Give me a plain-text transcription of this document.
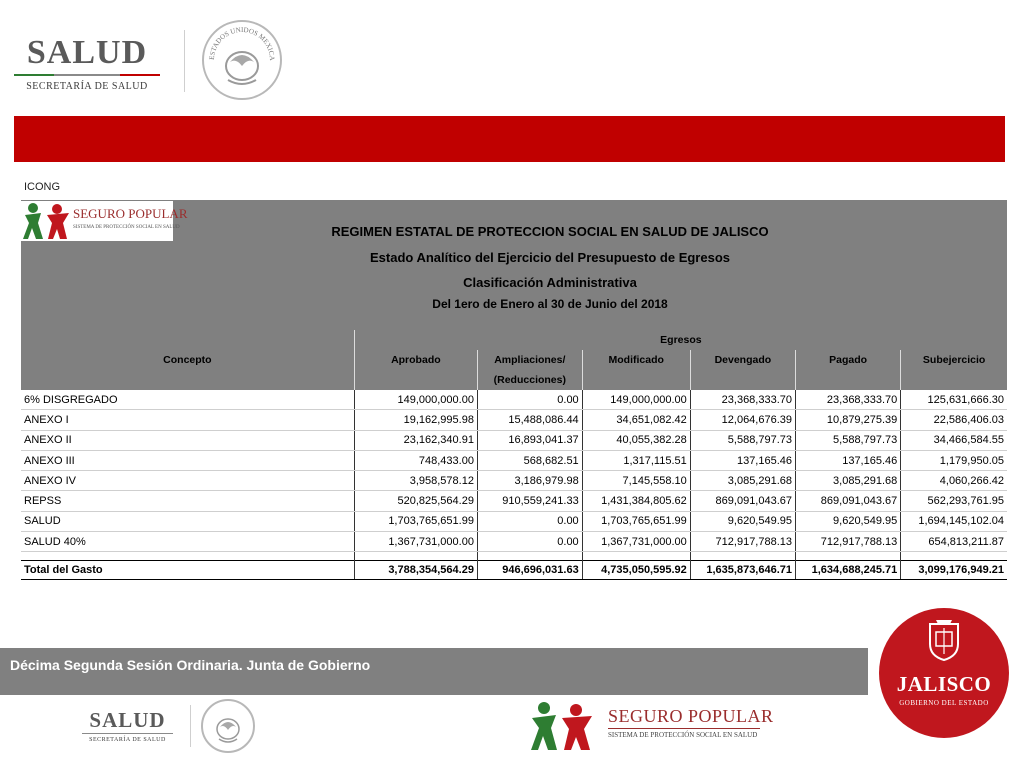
SALUD
SECRETARÍA DE SALUD
ESTADOS UNIDOS MEXICA
ICONG
SEGURO POPULAR
SISTEMA DE PROTECCIÓN SOCIAL EN SALUD	REGIMEN ESTATAL DE PROTECCION SOCIAL EN SALUD DE JALISCO
Estado Analítico del Ejercicio del Presupuesto de Egresos
Clasificación Administrativa
Del 1ero de Enero al 30 de Junio del 2018
	Egresos					
Concepto	Aprobado	Ampliaciones/	Modificado	Devengado	Pagado	Subejercicio
		(Reducciones)				
6% DISGREGADO	149,000,000.00	0.00	149,000,000.00	23,368,333.70	23,368,333.70	125,631,666.30
ANEXO I	19,162,995.98	15,488,086.44	34,651,082.42	12,064,676.39	10,879,275.39	22,586,406.03
ANEXO II	23,162,340.91	16,893,041.37	40,055,382.28	5,588,797.73	5,588,797.73	34,466,584.55
ANEXO III	748,433.00	568,682.51	1,317,115.51	137,165.46	137,165.46	1,179,950.05
ANEXO IV	3,958,578.12	3,186,979.98	7,145,558.10	3,085,291.68	3,085,291.68	4,060,266.42
REPSS	520,825,564.29	910,559,241.33	1,431,384,805.62	869,091,043.67	869,091,043.67	562,293,761.95
SALUD	1,703,765,651.99	0.00	1,703,765,651.99	9,620,549.95	9,620,549.95	1,694,145,102.04
SALUD 40%	1,367,731,000.00	0.00	1,367,731,000.00	712,917,788.13	712,917,788.13	654,813,211.87

Total del Gasto	3,788,354,564.29	946,696,031.63	4,735,050,595.92	1,635,873,646.71	1,634,688,245.71	3,099,176,949.21
Décima Segunda Sesión Ordinaria. Junta de Gobierno
JALISCO
GOBIERNO DEL ESTADO
SALUD
SECRETARÍA DE SALUD
SEGURO POPULAR
SISTEMA DE PROTECCIÓN SOCIAL EN SALUD
